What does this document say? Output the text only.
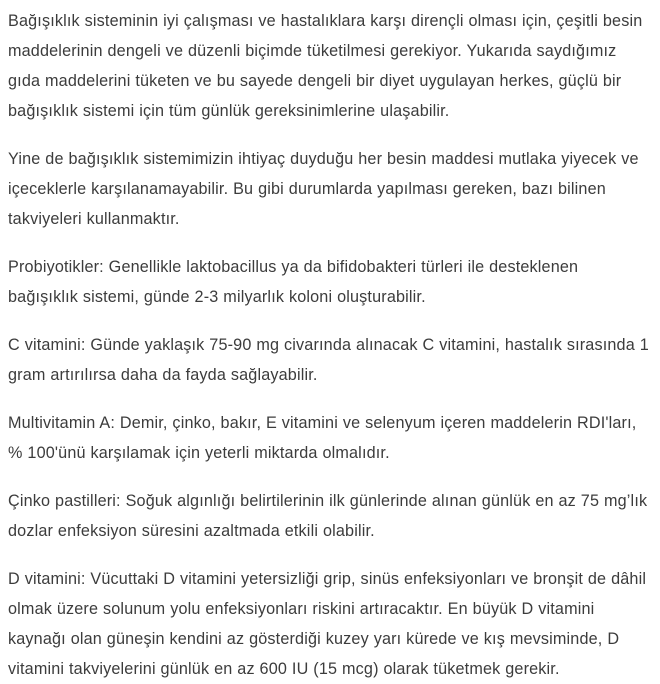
Bağışıklık sisteminin iyi çalışması ve hastalıklara karşı dirençli olması için, çeşitli besin maddelerinin dengeli ve düzenli biçimde tüketilmesi gerekiyor. Yukarıda saydığımız gıda maddelerini tüketen ve bu sayede dengeli bir diyet uygulayan herkes, güçlü bir bağışıklık sistemi için tüm günlük gereksinimlerine ulaşabilir.

Yine de bağışıklık sistemimizin ihtiyaç duyduğu her besin maddesi mutlaka yiyecek ve içeceklerle karşılanamayabilir. Bu gibi durumlarda yapılması gereken, bazı bilinen takviyeleri kullanmaktır.

Probiyotikler: Genellikle laktobacillus ya da bifidobakteri türleri ile desteklenen bağışıklık sistemi, günde 2-3 milyarlık koloni oluşturabilir.

C vitamini: Günde yaklaşık 75-90 mg civarında alınacak C vitamini, hastalık sırasında 1 gram artırılırsa daha da fayda sağlayabilir.

Multivitamin A: Demir, çinko, bakır, E vitamini ve selenyum içeren maddelerin RDI'ları, % 100'ünü karşılamak için yeterli miktarda olmalıdır.

Çinko pastilleri: Soğuk algınlığı belirtilerinin ilk günlerinde alınan günlük en az 75 mg’lık dozlar enfeksiyon süresini azaltmada etkili olabilir.

D vitamini: Vücuttaki D vitamini yetersizliği grip, sinüs enfeksiyonları ve bronşit de dâhil olmak üzere solunum yolu enfeksiyonları riskini artıracaktır. En büyük D vitamini kaynağı olan güneşin kendini az gösterdiği kuzey yarı kürede ve kış mevsiminde, D vitamini takviyelerini günlük en az 600 IU (15 mcg) olarak tüketmek gerekir.
